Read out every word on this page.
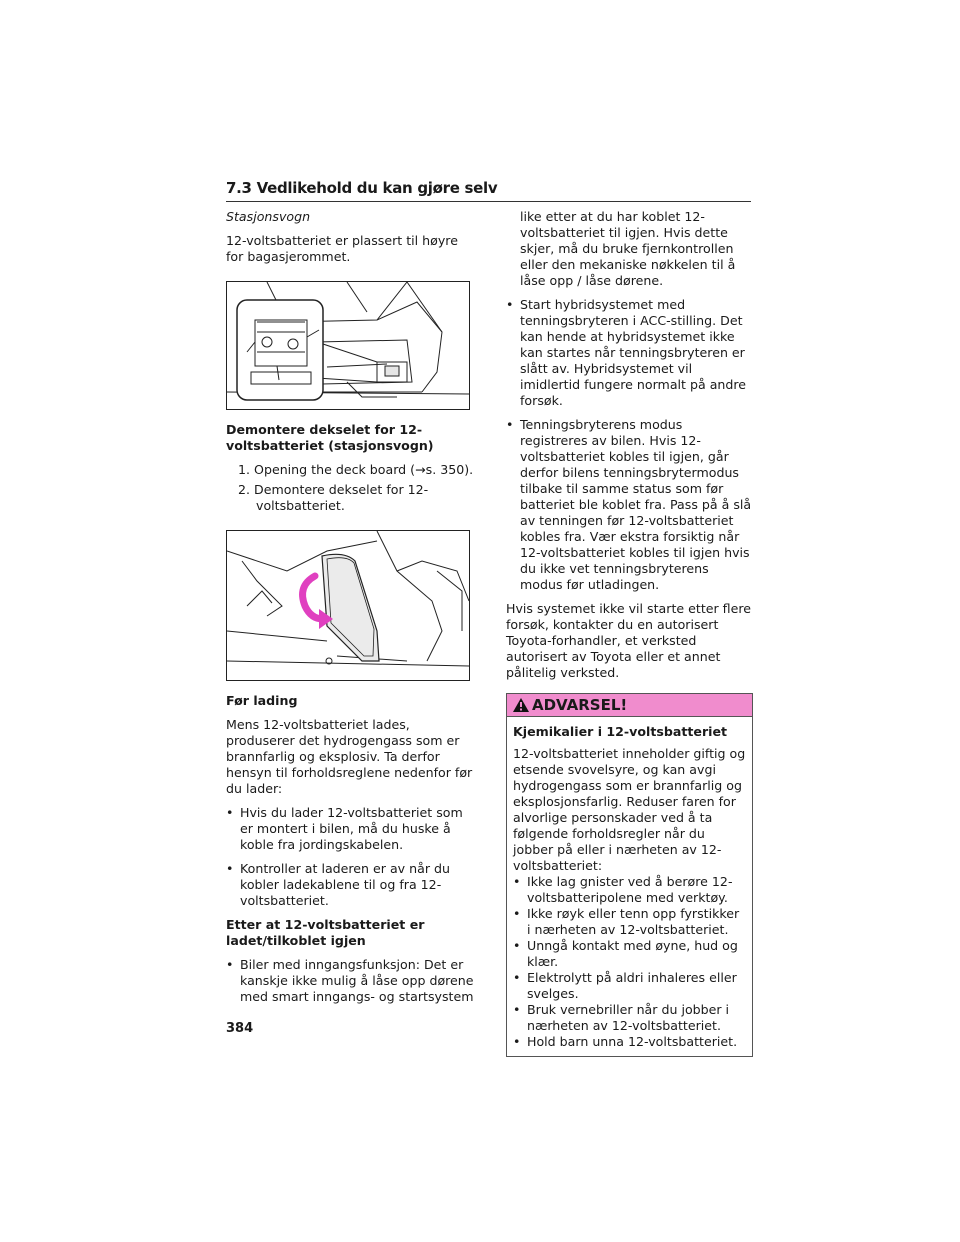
7.3 Vedlikehold du kan gjøre selv

Stasjonsvogn

12-voltsbatteriet er plassert til høyre for bagasjerommet.

Demontere dekselet for 12-voltsbatteriet (stasjonsvogn)

1. Opening the deck board (→s. 350).
2. Demontere dekselet for 12-voltsbatteriet.

Før lading

Mens 12-voltsbatteriet lades, produserer det hydrogengass som er brannfarlig og eksplosiv. Ta derfor hensyn til forholdsreglene nedenfor før du lader:

• Hvis du lader 12-voltsbatteriet som er montert i bilen, må du huske å koble fra jordingskabelen.
• Kontroller at laderen er av når du kobler ladekablene til og fra 12-voltsbatteriet.

Etter at 12-voltsbatteriet er ladet/tilkoblet igjen

• Biler med inngangsfunksjon: Det er kanskje ikke mulig å låse opp dørene med smart inngangs- og startsystem

like etter at du har koblet 12-voltsbatteriet til igjen. Hvis dette skjer, må du bruke fjernkontrollen eller den mekaniske nøkkelen til å låse opp / låse dørene.

• Start hybridsystemet med tenningsbryteren i ACC-stilling. Det kan hende at hybridsystemet ikke kan startes når tenningsbryteren er slått av. Hybridsystemet vil imidlertid fungere normalt på andre forsøk.
• Tenningsbryterens modus registreres av bilen. Hvis 12-voltsbatteriet kobles til igjen, går derfor bilens tenningsbrytermodus tilbake til samme status som før batteriet ble koblet fra. Pass på å slå av tenningen før 12-voltsbatteriet kobles fra. Vær ekstra forsiktig når 12-voltsbatteriet kobles til igjen hvis du ikke vet tenningsbryterens modus før utladingen.

Hvis systemet ikke vil starte etter flere forsøk, kontakter du en autorisert Toyota-forhandler, et verksted autorisert av Toyota eller et annet pålitelig verksted.

ADVARSEL!

Kjemikalier i 12-voltsbatteriet

12-voltsbatteriet inneholder giftig og etsende svovelsyre, og kan avgi hydrogengass som er brannfarlig og eksplosjonsfarlig. Reduser faren for alvorlige personskader ved å ta følgende forholdsregler når du jobber på eller i nærheten av 12-voltsbatteriet:

• Ikke lag gnister ved å berøre 12-voltsbatteripolene med verktøy.
• Ikke røyk eller tenn opp fyrstikker i nærheten av 12-voltsbatteriet.
• Unngå kontakt med øyne, hud og klær.
• Elektrolytt på aldri inhaleres eller svelges.
• Bruk vernebriller når du jobber i nærheten av 12-voltsbatteriet.
• Hold barn unna 12-voltsbatteriet.
384
